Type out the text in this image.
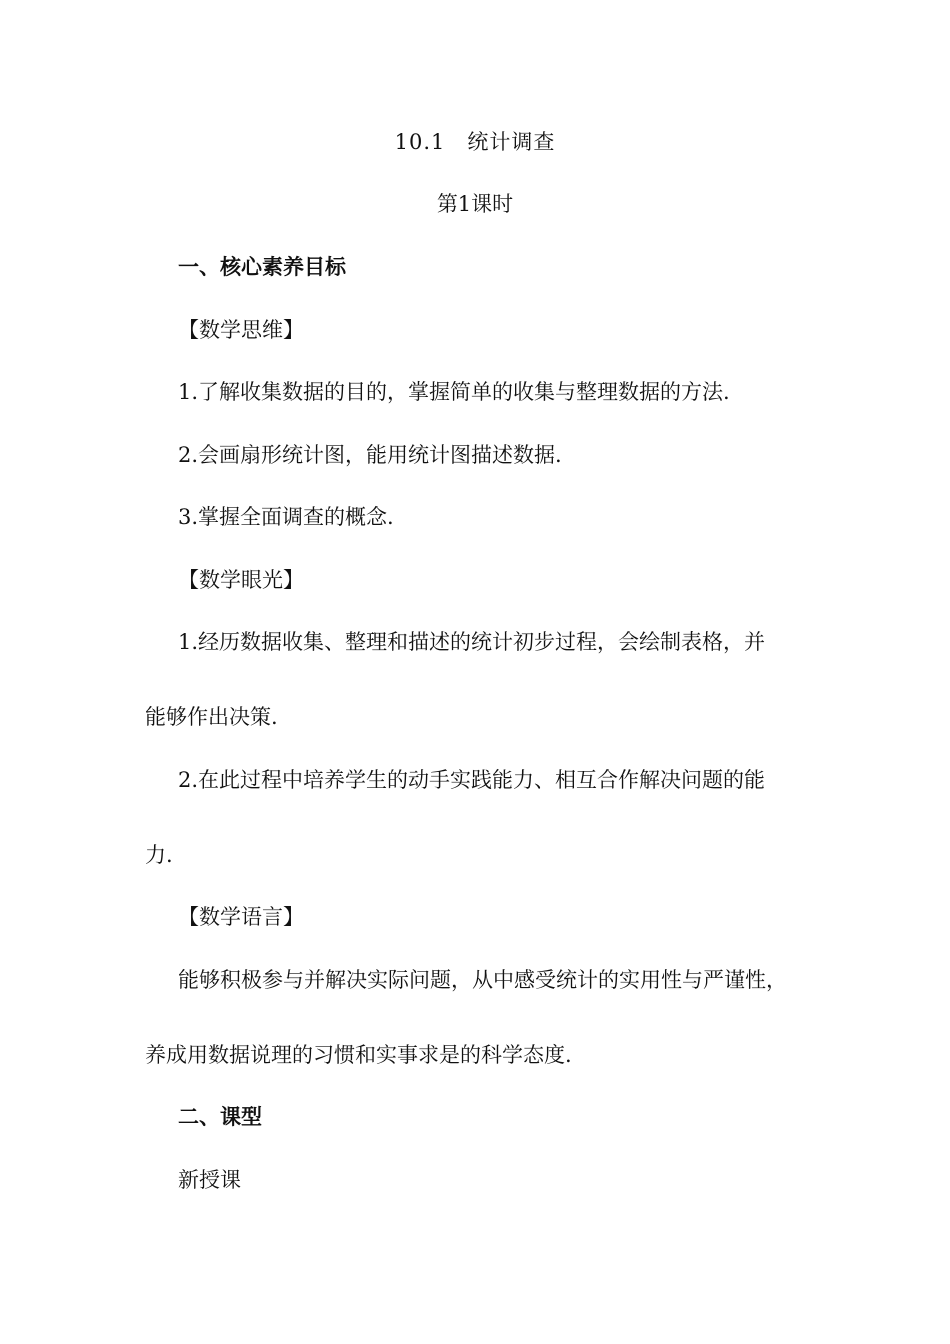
10.1 统计调查

第1课时

一、核心素养目标

【数学思维】

1.了解收集数据的目的，掌握简单的收集与整理数据的方法.

2.会画扇形统计图，能用统计图描述数据.

3.掌握全面调查的概念.

【数学眼光】

1.经历数据收集、整理和描述的统计初步过程，会绘制表格，并

能够作出决策.

2.在此过程中培养学生的动手实践能力、相互合作解决问题的能

力.

【数学语言】

能够积极参与并解决实际问题，从中感受统计的实用性与严谨性，

养成用数据说理的习惯和实事求是的科学态度.

二、课型

新授课
